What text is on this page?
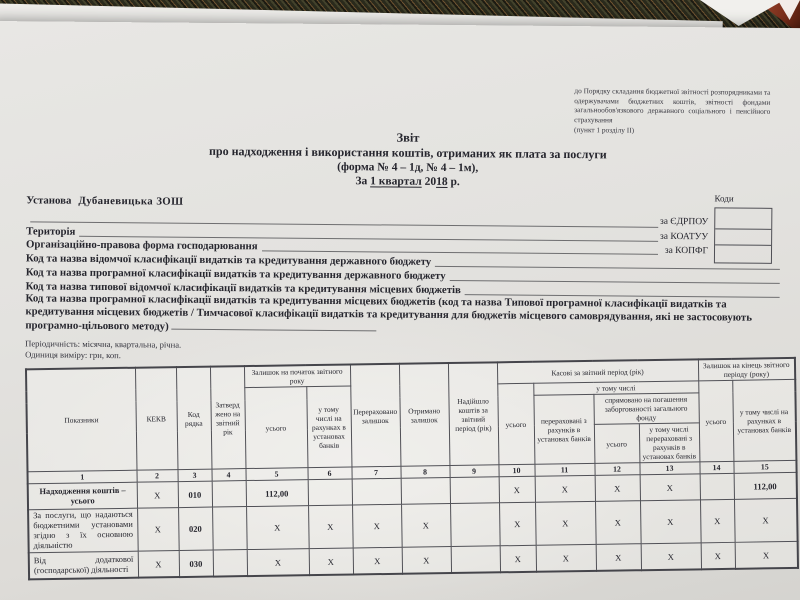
до Порядку складання бюджетної звітності розпорядниками та одержувачами бюджетних коштів, звітності фондами загальнообов'язкового державного соціального і пенсійного страхування
(пункт 1 розділу ІІ)
Звіт
про надходження і використання коштів, отриманих як плата за послуги
(форма № 4 – 1д, № 4 – 1м),
За 1 квартал 2018 р.
Коди
за ЄДРПОУ
за КОАТУУ
за КОПФГ
Установа Дубаневицька ЗОШ
Територія
Організаційно-правова форма господарювання
Код та назва відомчої класифікації видатків та кредитування державного бюджету
Код та назва програмної класифікації видатків та кредитування державного бюджету
Код та назва типової відомчої класифікації видатків та кредитування місцевих бюджетів
Код та назва програмної класифікації видатків та кредитування місцевих бюджетів (код та назва Типової програмної класифікації видатків та кредитування місцевих бюджетів / Тимчасової класифікації видатків та кредитування для бюджетів місцевого самоврядування, які не застосовують програмно-цільового методу)
Періодичність: місячна, квартальна, річна.
Одиниця виміру: грн, коп.
Показники	КЕКВ	Код рядка	Затверджено на звітний рік	Залишок на початок звітного року		Перераховано залишок	Отримано залишок	Надійшло коштів за звітний період (рік)	Касові за звітний період (рік)				Залишок на кінець звітного періоду (року)	
				усього	у тому числі на рахунках в установах банків				усього	у тому числі			усього	у тому числі на рахунках в установах банків
										перераховані з рахунків в установах банків	спрямовано на погашення заборгованості загального фонду			
											усього	у тому числі перераховані з рахунків в установах банків		
1	2	3	4	5	6	7	8	9	10	11	12	13	14	15
Надходження коштів – усього	X	010		112,00					X	X	X	X		112,00
За послуги, що надаються бюджетними установами згідно з їх основною діяльністю	X	020		X	X	X	X		X	X	X	X	X	X
Від додаткової (господарської) діяльності	X	030		X	X	X	X		X	X	X	X	X	X
